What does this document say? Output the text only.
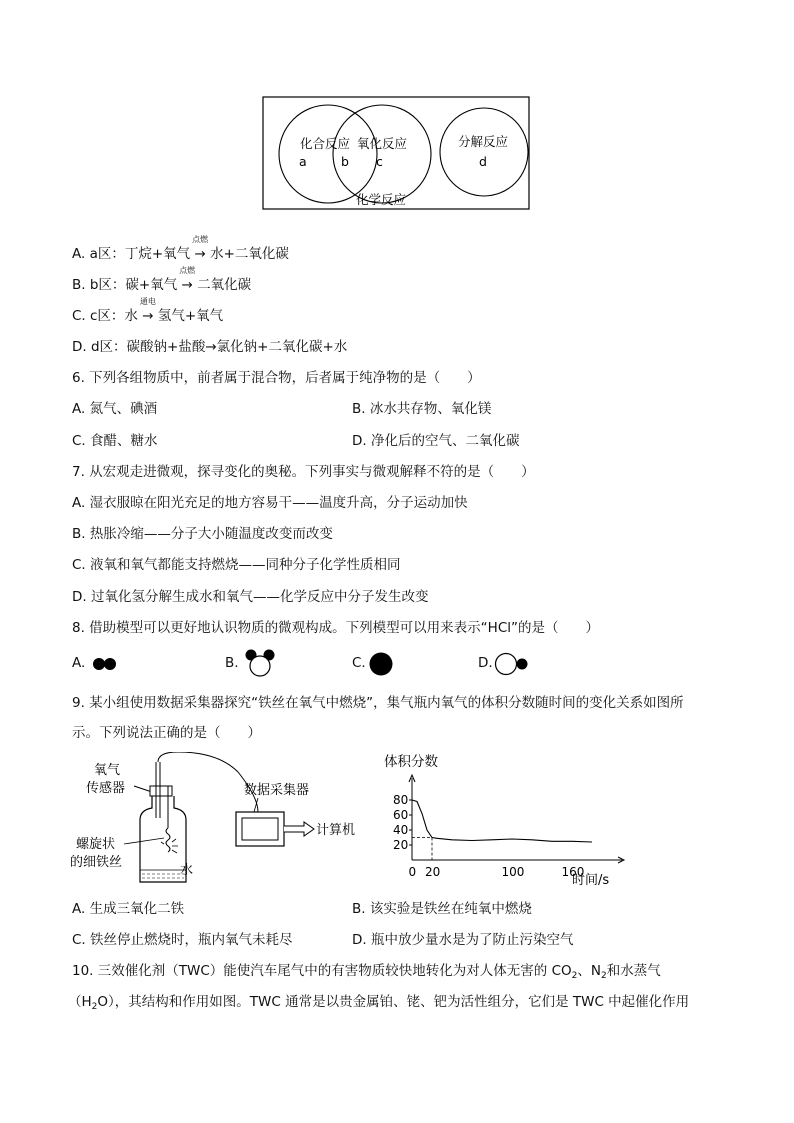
化合反应
a	b
氧化反应
c
分解反应
d
化学反应
A. a区：丁烷+氧气
点燃
→ 水+二氧化碳
B. b区：碳+氧气
点燃
→ 二氧化碳
C. c区：水
通电
→ 氢气+氧气
D. d区：碳酸钠+盐酸→氯化钠+二氧化碳+水
6. 下列各组物质中，前者属于混合物，后者属于纯净物的是（　　）
A. 氮气、碘酒	B. 冰水共存物、氧化镁
C. 食醋、糖水	D. 净化后的空气、二氧化碳
7. 从宏观走进微观，探寻变化的奥秘。下列事实与微观解释不符的是（　　）
A. 湿衣服晾在阳光充足的地方容易干——温度升高，分子运动加快
B. 热胀冷缩——分子大小随温度改变而改变
C. 液氧和氧气都能支持燃烧——同种分子化学性质相同
D. 过氧化氢分解生成水和氧气——化学反应中分子发生改变
8. 借助模型可以更好地认识物质的微观构成。下列模型可以用来表示“HCl”的是（　　）
A.	B.	C.	D.
9. 某小组使用数据采集器探究“铁丝在氧气中燃烧”，集气瓶内氧气的体积分数随时间的变化关系如图所
示。下列说法正确的是（　　）
氧气
传感器	数据采集器
计算机
螺旋状
的细铁丝
水
体积分数
时间/s
80
60
40
20
0 20	100	160
A. 生成三氧化二铁	B. 该实验是铁丝在纯氧中燃烧
C. 铁丝停止燃烧时，瓶内氧气未耗尽	D. 瓶中放少量水是为了防止污染空气
10. 三效催化剂（TWC）能使汽车尾气中的有害物质较快地转化为对人体无害的 $CO_2$、$N_2$和水蒸气
$(H_2O)$，其结构和作用如图。TWC 通常是以贵金属铂、铑、钯为活性组分，它们是 TWC 中起催化作用
